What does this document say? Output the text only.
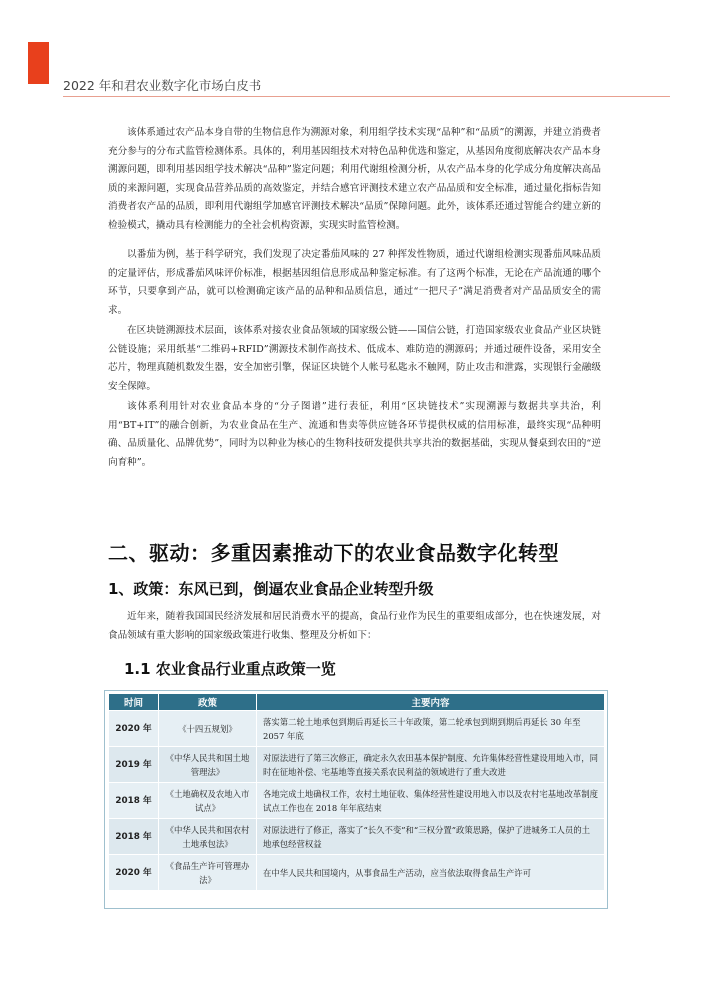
2022 年和君农业数字化市场白皮书

该体系通过农产品本身自带的生物信息作为溯源对象，利用组学技术实现“品种”和“品质”的溯源，并建立消费者充分参与的分布式监管检测体系。具体的，利用基因组技术对特色品种优选和鉴定，从基因角度彻底解决农产品本身溯源问题，即利用基因组学技术解决“品种”鉴定问题；利用代谢组检测分析，从农产品本身的化学成分角度解决高品质的来源问题，实现食品营养品质的高效鉴定，并结合感官评测技术建立农产品品质和安全标准，通过量化指标告知消费者农产品的品质，即利用代谢组学加感官评测技术解决“品质”保障问题。此外，该体系还通过智能合约建立新的检验模式，撬动具有检测能力的全社会机构资源，实现实时监管检测。

以番茄为例，基于科学研究，我们发现了决定番茄风味的 27 种挥发性物质，通过代谢组检测实现番茄风味品质的定量评估，形成番茄风味评价标准，根据基因组信息形成品种鉴定标准。有了这两个标准，无论在产品流通的哪个环节，只要拿到产品，就可以检测确定该产品的品种和品质信息，通过“一把尺子”满足消费者对产品品质安全的需求。

在区块链溯源技术层面，该体系对接农业食品领域的国家级公链——国信公链，打造国家级农业食品产业区块链公链设施；采用纸基“二维码+RFID”溯源技术制作高技术、低成本、难防造的溯源码；并通过硬件设备，采用安全芯片，物理真随机数发生器，安全加密引擎，保证区块链个人帐号私匙永不触网，防止攻击和泄露，实现银行金融级安全保障。

该体系利用针对农业食品本身的“分子图谱”进行表征，利用“区块链技术”实现溯源与数据共享共治，利用“BT+IT”的融合创新，为农业食品在生产、流通和售卖等供应链各环节提供权威的信用标准，最终实现“品种明确、品质量化、品牌优势”，同时为以种业为核心的生物科技研发提供共享共治的数据基础，实现从餐桌到农田的“逆向育种”。

二、驱动：多重因素推动下的农业食品数字化转型
1、政策：东风已到，倒逼农业食品企业转型升级

近年来，随着我国国民经济发展和居民消费水平的提高，食品行业作为民生的重要组成部分，也在快速发展，对食品领域有重大影响的国家级政策进行收集、整理及分析如下：

1.1 农业食品行业重点政策一览
时间	政策	主要内容
2020 年	《十四五规划》	落实第二轮土地承包到期后再延长三十年政策，第二轮承包到期到期后再延长 30 年至 2057 年底
2019 年	《中华人民共和国土地管理法》	对原法进行了第三次修正，确定永久农田基本保护制度、允许集体经营性建设用地入市，同时在征地补偿、宅基地等直接关系农民利益的领域进行了重大改进
2018 年	《土地确权及农地入市试点》	各地完成土地确权工作，农村土地征收、集体经营性建设用地入市以及农村宅基地改革制度试点工作也在 2018 年年底结束
2018 年	《中华人民共和国农村土地承包法》	对原法进行了修正，落实了“长久不变”和“三权分置”政策思路，保护了进城务工人员的土地承包经营权益
2020 年	《食品生产许可管理办法》	在中华人民共和国境内，从事食品生产活动，应当依法取得食品生产许可
